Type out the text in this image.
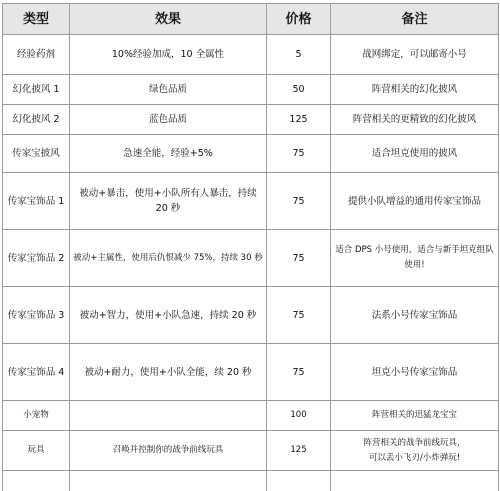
类型	效果	价格	备注
经验药剂	10%经验加成，10 全属性	5	战网绑定，可以邮寄小号
幻化披风 1	绿色品质	50	阵营相关的幻化披风
幻化披风 2	蓝色品质	125	阵营相关的更精致的幻化披风
传家宝披风	急速全能，经验+5%	75	适合坦克使用的披风
传家宝饰品 1	被动+暴击，使用+小队所有人暴击，持续 20 秒	75	提供小队增益的通用传家宝饰品
传家宝饰品 2	被动+主属性，使用后仇恨减少 75%，持续 30 秒	75	适合 DPS 小号使用，适合与新手坦克组队使用!
传家宝饰品 3	被动+智力，使用+小队急速，持续 20 秒	75	法系小号传家宝饰品
传家宝饰品 4	被动+耐力，使用+小队全能，续 20 秒	75	坦克小号传家宝饰品
小宠物		100	阵营相关的迅猛龙宝宝
玩具	召唤并控制你的战争前线玩具	125	阵营相关的战争前线玩具，
可以丢小飞刃/小炸弹玩!
